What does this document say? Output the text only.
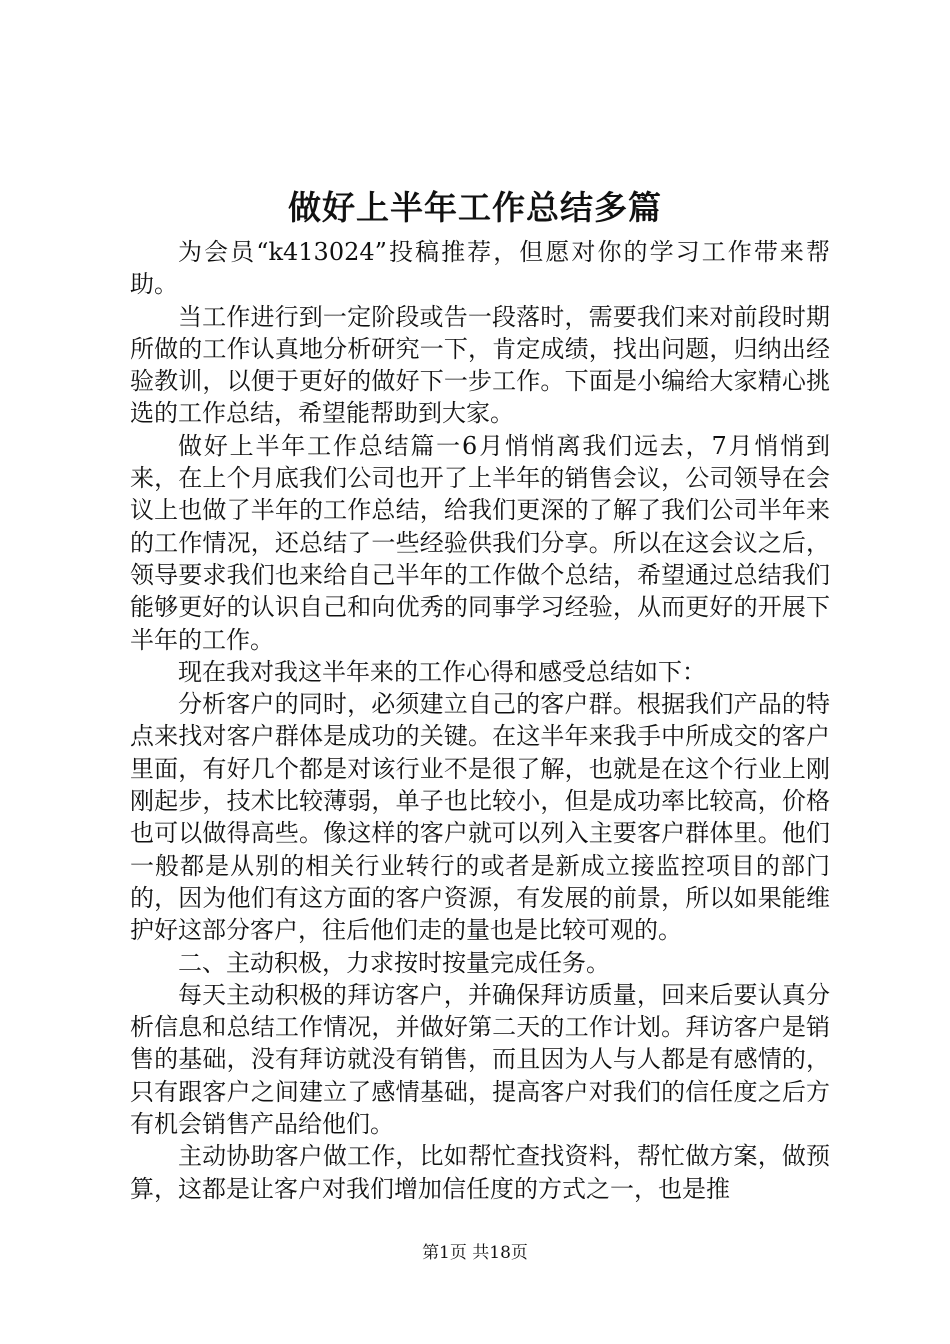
做好上半年工作总结多篇

为会员“k413024”投稿推荐，但愿对你的学习工作带来帮助。

当工作进行到一定阶段或告一段落时，需要我们来对前段时期所做的工作认真地分析研究一下，肯定成绩，找出问题，归纳出经验教训，以便于更好的做好下一步工作。下面是小编给大家精心挑选的工作总结，希望能帮助到大家。

做好上半年工作总结篇一6月悄悄离我们远去，7月悄悄到来，在上个月底我们公司也开了上半年的销售会议，公司领导在会议上也做了半年的工作总结，给我们更深的了解了我们公司半年来的工作情况，还总结了一些经验供我们分享。所以在这会议之后，领导要求我们也来给自己半年的工作做个总结，希望通过总结我们能够更好的认识自己和向优秀的同事学习经验，从而更好的开展下半年的工作。

现在我对我这半年来的工作心得和感受总结如下：

分析客户的同时，必须建立自己的客户群。根据我们产品的特点来找对客户群体是成功的关键。在这半年来我手中所成交的客户里面，有好几个都是对该行业不是很了解，也就是在这个行业上刚刚起步，技术比较薄弱，单子也比较小，但是成功率比较高，价格也可以做得高些。像这样的客户就可以列入主要客户群体里。他们一般都是从别的相关行业转行的或者是新成立接监控项目的部门的，因为他们有这方面的客户资源，有发展的前景，所以如果能维护好这部分客户，往后他们走的量也是比较可观的。

二、主动积极，力求按时按量完成任务。

每天主动积极的拜访客户，并确保拜访质量，回来后要认真分析信息和总结工作情况，并做好第二天的工作计划。拜访客户是销售的基础，没有拜访就没有销售，而且因为人与人都是有感情的，只有跟客户之间建立了感情基础，提高客户对我们的信任度之后方有机会销售产品给他们。

主动协助客户做工作，比如帮忙查找资料，帮忙做方案，做预算，这都是让客户对我们增加信任度的方式之一，也是推

第1页 共18页
